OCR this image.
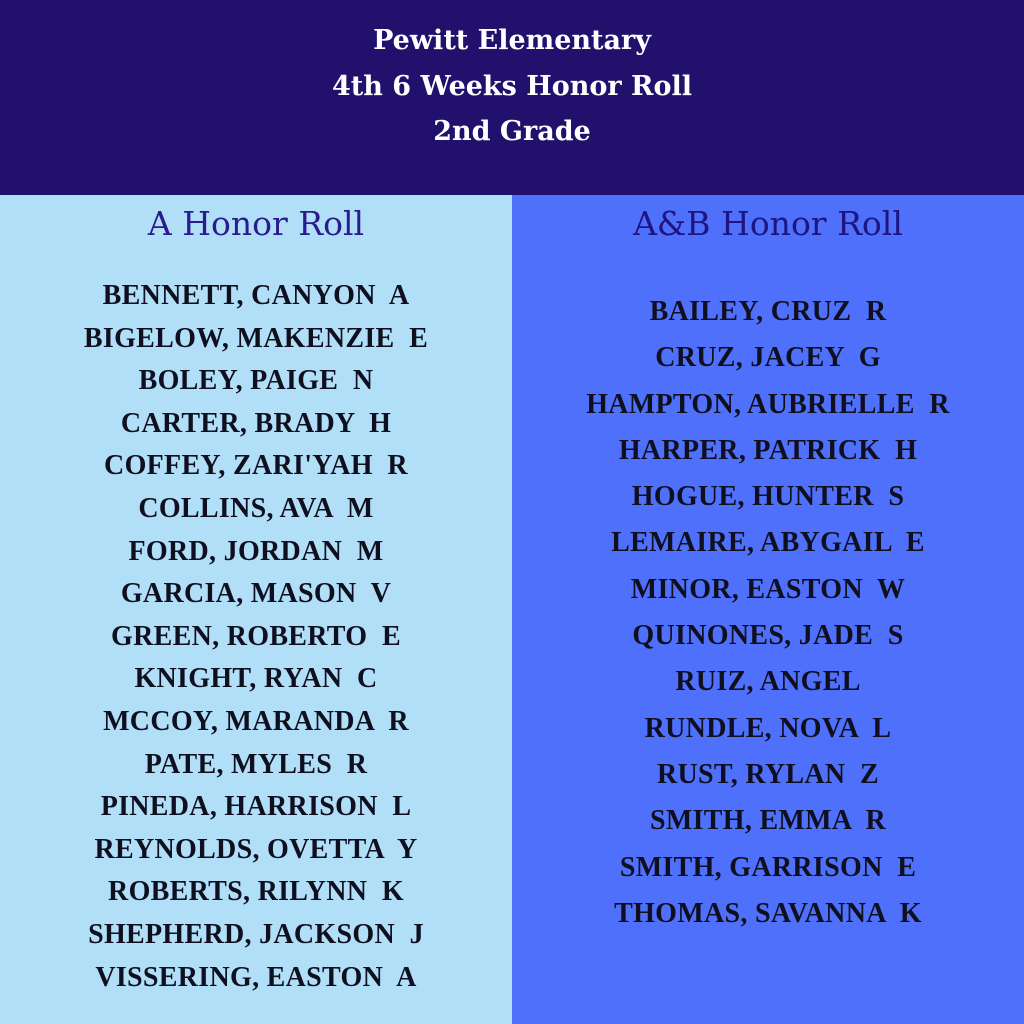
Pewitt Elementary
4th 6 Weeks Honor Roll
2nd Grade
A Honor Roll
BENNETT, CANYON  A
BIGELOW, MAKENZIE  E
BOLEY, PAIGE  N
CARTER, BRADY  H
COFFEY, ZARI'YAH  R
COLLINS, AVA  M
FORD, JORDAN  M
GARCIA, MASON  V
GREEN, ROBERTO  E
KNIGHT, RYAN  C
MCCOY, MARANDA  R
PATE, MYLES  R
PINEDA, HARRISON  L
REYNOLDS, OVETTA  Y
ROBERTS, RILYNN  K
SHEPHERD, JACKSON  J
VISSERING, EASTON  A
A&B Honor Roll
BAILEY, CRUZ  R
CRUZ, JACEY  G
HAMPTON, AUBRIELLE  R
HARPER, PATRICK  H
HOGUE, HUNTER  S
LEMAIRE, ABYGAIL  E
MINOR, EASTON  W
QUINONES, JADE  S
RUIZ, ANGEL
RUNDLE, NOVA  L
RUST, RYLAN  Z
SMITH, EMMA  R
SMITH, GARRISON  E
THOMAS, SAVANNA  K
